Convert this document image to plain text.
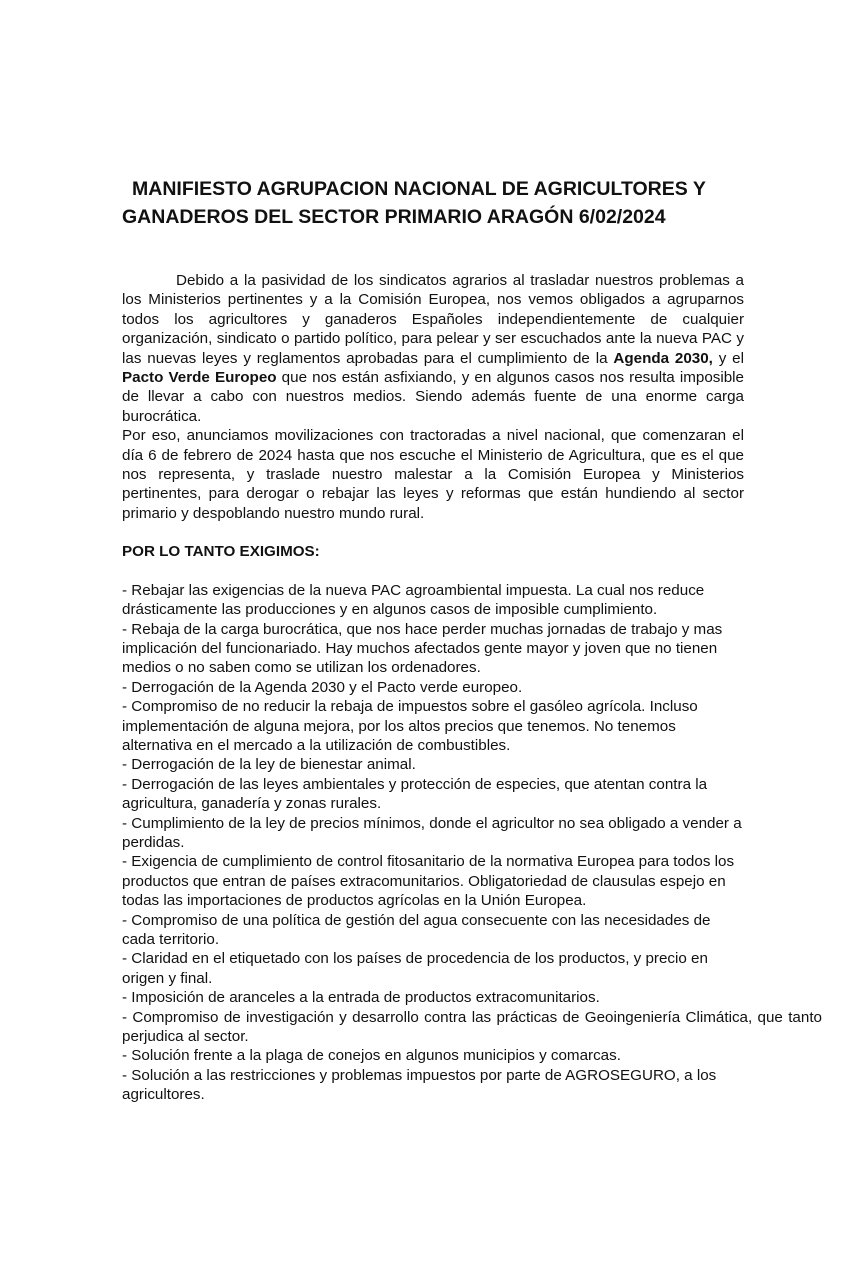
MANIFIESTO AGRUPACION NACIONAL DE AGRICULTORES Y
GANADEROS DEL SECTOR PRIMARIO ARAGÓN 6/02/2024

Debido a la pasividad de los sindicatos agrarios al trasladar nuestros problemas a los Ministerios pertinentes y a la Comisión Europea, nos vemos obligados a agruparnos todos los agricultores y ganaderos Españoles independientemente de cualquier organización, sindicato o partido político, para pelear y ser escuchados ante la nueva PAC y las nuevas leyes y reglamentos aprobadas para el cumplimiento de la Agenda 2030, y el Pacto Verde Europeo que nos están asfixiando, y en algunos casos nos resulta imposible de llevar a cabo con nuestros medios. Siendo además fuente de una enorme carga burocrática.

Por eso, anunciamos movilizaciones con tractoradas a nivel nacional, que comenzaran el día 6 de febrero de 2024 hasta que nos escuche el Ministerio de Agricultura, que es el que nos representa, y traslade nuestro malestar a la Comisión Europea y Ministerios pertinentes, para derogar o rebajar las leyes y reformas que están hundiendo al sector primario y despoblando nuestro mundo rural.

POR LO TANTO EXIGIMOS:

- Rebajar las exigencias de la nueva PAC agroambiental impuesta. La cual nos reduce drásticamente las producciones y en algunos casos de imposible cumplimiento.

- Rebaja de la carga burocrática, que nos hace perder muchas jornadas de trabajo y mas implicación del funcionariado. Hay muchos afectados gente mayor y joven que no tienen medios o no saben como se utilizan los ordenadores.

- Derrogación de la Agenda 2030 y el Pacto verde europeo.

- Compromiso de no reducir la rebaja de impuestos sobre el gasóleo agrícola. Incluso implementación de alguna mejora, por los altos precios que tenemos. No tenemos alternativa en el mercado a la utilización de combustibles.

- Derrogación de la ley de bienestar animal.

- Derrogación de las leyes ambientales y protección de especies, que atentan contra la agricultura, ganadería y zonas rurales.

- Cumplimiento de la ley de precios mínimos, donde el agricultor no sea obligado a vender a perdidas.

- Exigencia de cumplimiento de control fitosanitario de la normativa Europea para todos los productos que entran de países extracomunitarios. Obligatoriedad de clausulas espejo en todas las importaciones de productos agrícolas en la Unión Europea.

- Compromiso de una política de gestión del agua consecuente con las necesidades de cada territorio.

- Claridad en el etiquetado con los países de procedencia de los productos, y precio en origen y final.

- Imposición de aranceles a la entrada de productos extracomunitarios.

- Compromiso de investigación y desarrollo contra las prácticas de Geoingeniería Climática, que tanto perjudica al sector.

- Solución frente a la plaga de conejos en algunos municipios y comarcas.

- Solución a las restricciones y problemas impuestos por parte de AGROSEGURO, a los agricultores.
